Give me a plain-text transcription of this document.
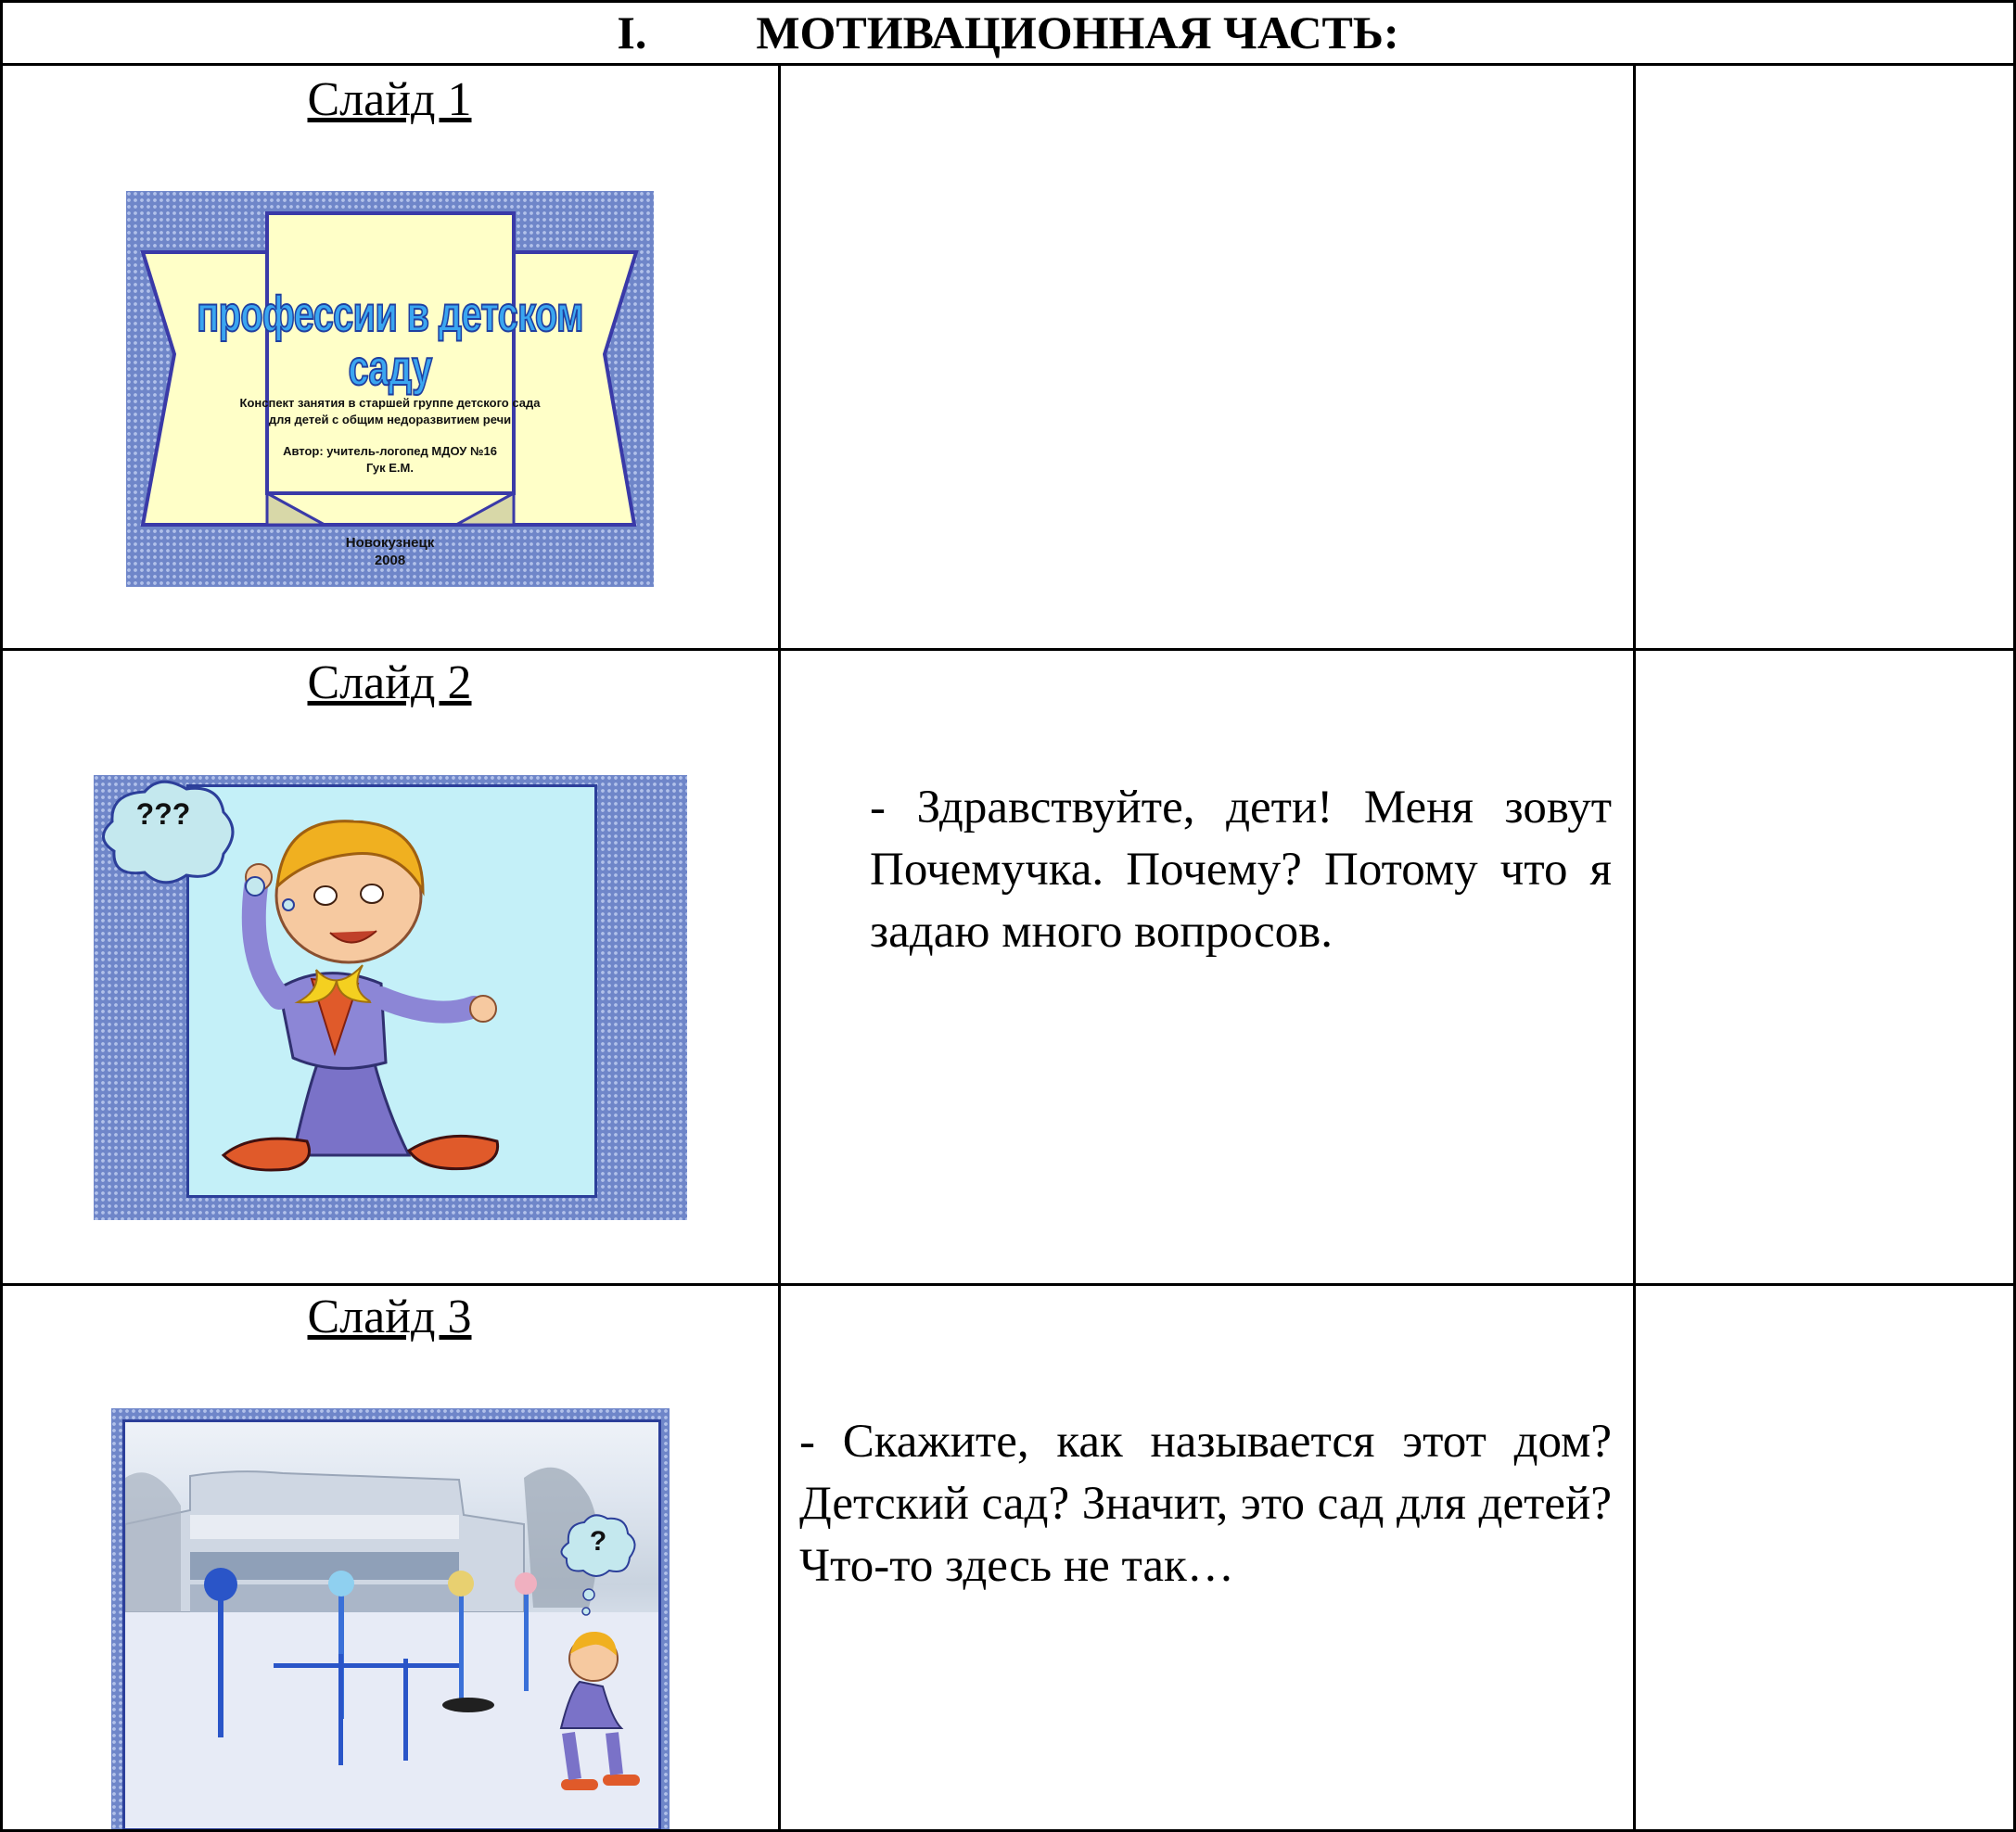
I. МОТИВАЦИОННАЯ ЧАСТЬ:
Слайд 1
профессии в детском саду
Конспект занятия в старшей группе детского сада
для детей с общим недоразвитием речи
Автор: учитель-логопед МДОУ №16
Гук Е.М.
Новокузнецк
2008
Слайд 2
- Здравствуйте, дети! Меня зовут Почемучка. Почему? Потому что я задаю много вопросов.
???
Слайд 3
- Скажите, как называется этот дом? Детский сад? Значит, это сад для детей? Что-то здесь не так…
?
